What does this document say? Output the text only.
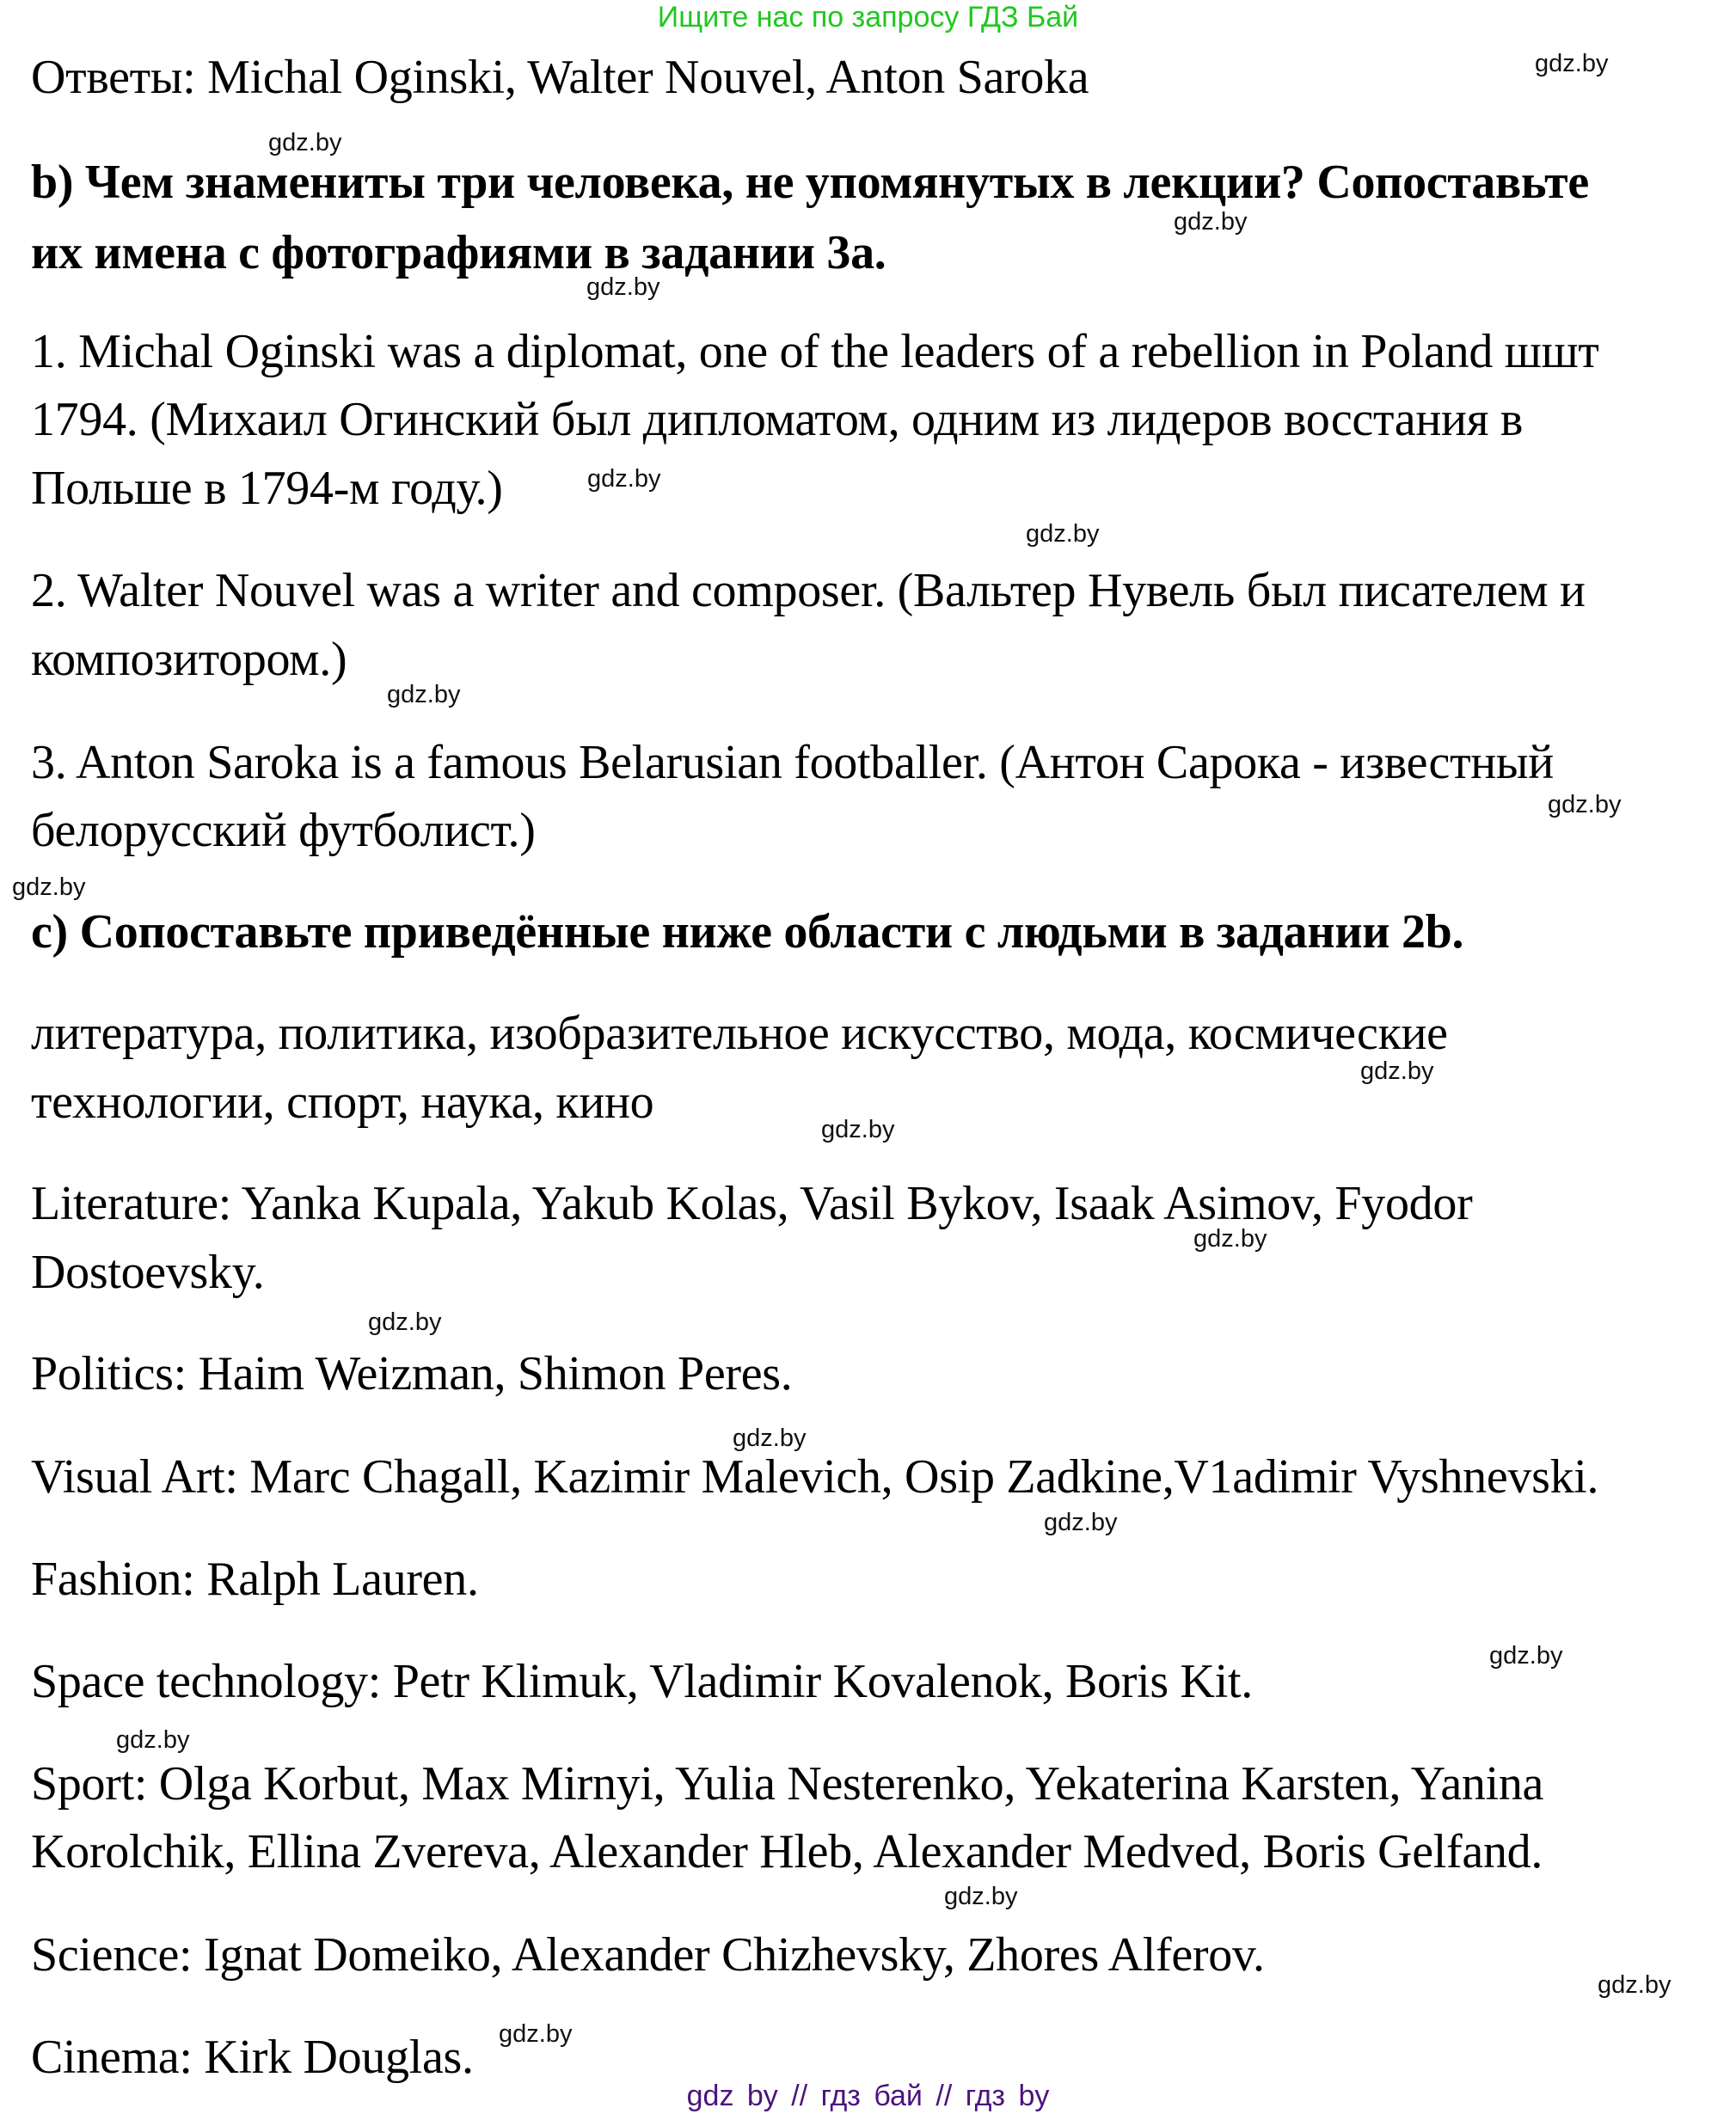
Ищите нас по запросу ГДЗ Бай
Ответы: Michal Oginski, Walter Nouvel, Anton Saroka
b) Чем знамениты три человека, не упомянутых в лекции? Сопоставьте
их имена с фотографиями в задании 3а.
1. Michal Oginski was a diplomat, one of the leaders of a rebellion in Poland шшт
1794. (Михаил Огинский был дипломатом, одним из лидеров восстания в
Польше в 1794-м году.)
2. Walter Nouvel was a writer and composer. (Вальтер Нувель был писателем и
композитором.)
3. Anton Saroka is a famous Belarusian footballer. (Антон Сарока - известный
белорусский футболист.)
c) Сопоставьте приведённые ниже области с людьми в задании 2b.
литература, политика, изобразительное искусство, мода, космические
технологии, спорт, наука, кино
Literature: Yanka Kupala, Yakub Kolas, Vasil Bykov, Isaak Asimov, Fyodor
Dostoevsky.
Politics: Haim Weizman, Shimon Peres.
Visual Art: Marc Chagall, Kazimir Malevich, Osip Zadkine,V1adimir Vyshnevski.
Fashion: Ralph Lauren.
Space technology: Petr Klimuk, Vladimir Kovalenok, Boris Kit.
Sport: Olga Korbut, Max Mirnyi, Yulia Nesterenko, Yekaterina Karsten, Yanina
Korolchik, Ellina Zvereva, Alexander Hleb, Alexander Medved, Boris Gelfand.
Science: Ignat Domeiko, Alexander Chizhevsky, Zhores Alferov.
Cinema: Kirk Douglas.
gdz.by
gdz.by
gdz.by
gdz.by
gdz.by
gdz.by
gdz.by
gdz.by
gdz.by
gdz.by
gdz.by
gdz.by
gdz.by
gdz.by
gdz.by
gdz.by
gdz.by
gdz.by
gdz.by
gdz.by
gdz by // гдз бай // гдз by
